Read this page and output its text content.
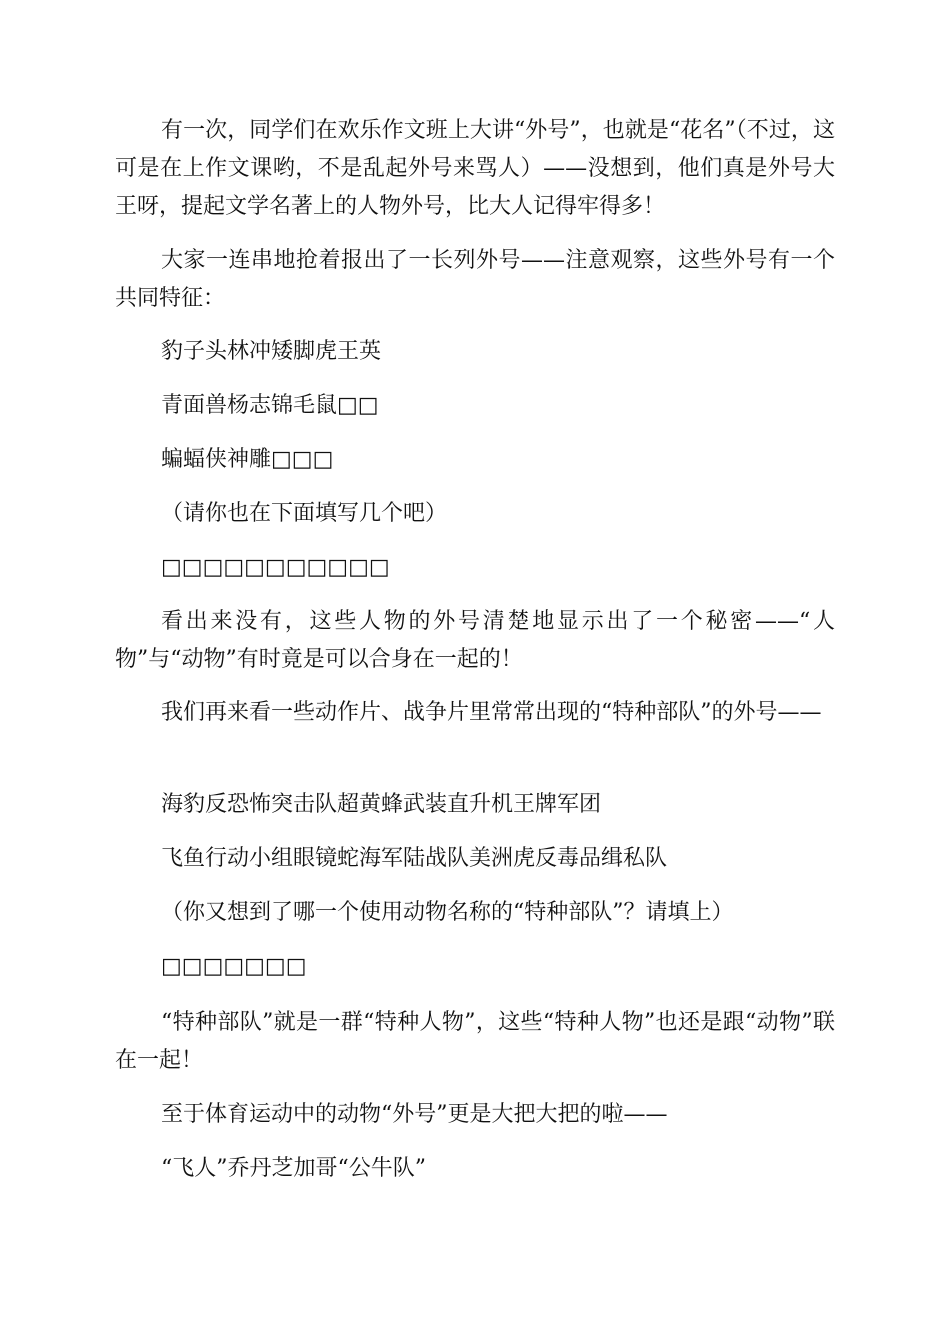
有一次，同学们在欢乐作文班上大讲“外号”，也就是“花名”（不过，这可是在上作文课哟，不是乱起外号来骂人）——没想到，他们真是外号大王呀，提起文学名著上的人物外号，比大人记得牢得多！

大家一连串地抢着报出了一长列外号——注意观察，这些外号有一个共同特征：

豹子头林冲矮脚虎王英

青面兽杨志锦毛鼠□□

蝙蝠侠神雕□□□

（请你也在下面填写几个吧）

□□□□□□□□□□□

看出来没有，这些人物的外号清楚地显示出了一个秘密——“人物”与“动物”有时竟是可以合身在一起的！

我们再来看一些动作片、战争片里常常出现的“特种部队”的外号——

海豹反恐怖突击队超黄蜂武装直升机王牌军团

飞鱼行动小组眼镜蛇海军陆战队美洲虎反毒品缉私队

（你又想到了哪一个使用动物名称的“特种部队”？请填上）

□□□□□□□

“特种部队”就是一群“特种人物”，这些“特种人物”也还是跟“动物”联在一起！

至于体育运动中的动物“外号”更是大把大把的啦——

“飞人”乔丹芝加哥“公牛队”
